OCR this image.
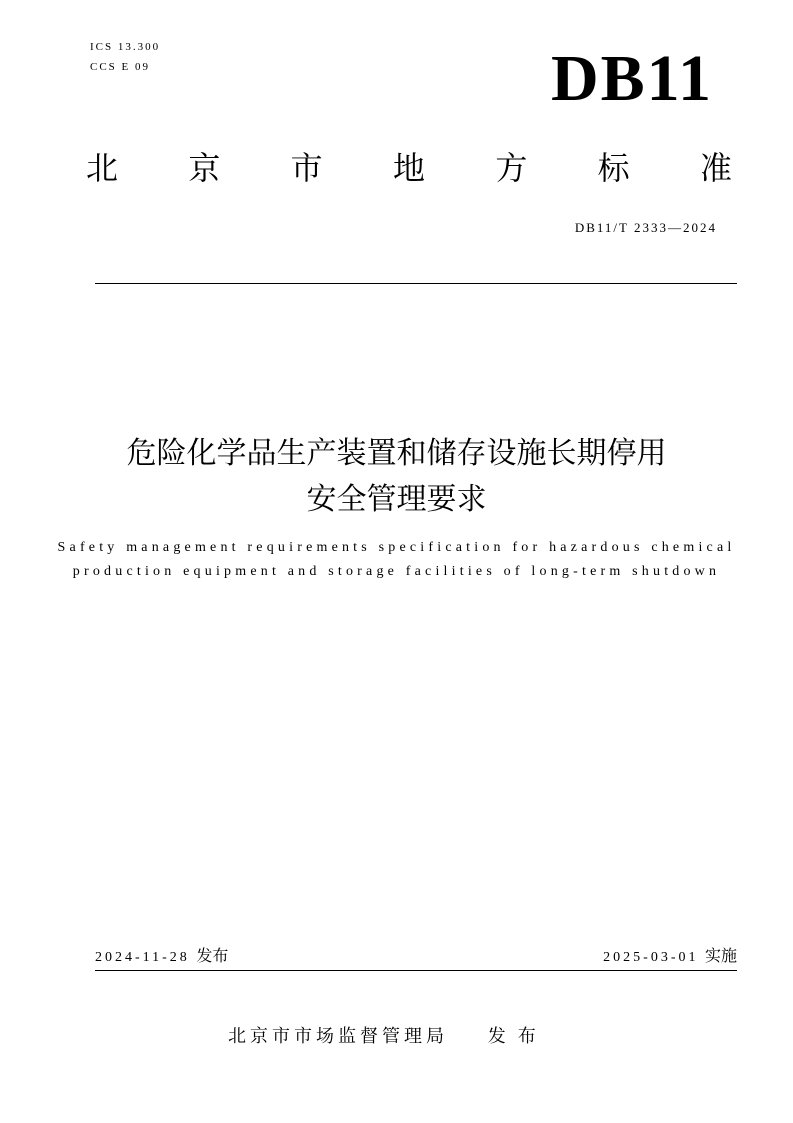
ICS 13.300
CCS E 09	DB11
北 京 市 地 方 标 准
DB11/T 2333—2024
危险化学品生产装置和储存设施长期停用
安全管理要求
Safety management requirements specification for hazardous chemical
production equipment and storage facilities of long-term shutdown
2024-11-28 发布	2025-03-01 实施
北京市市场监督管理局 发布
